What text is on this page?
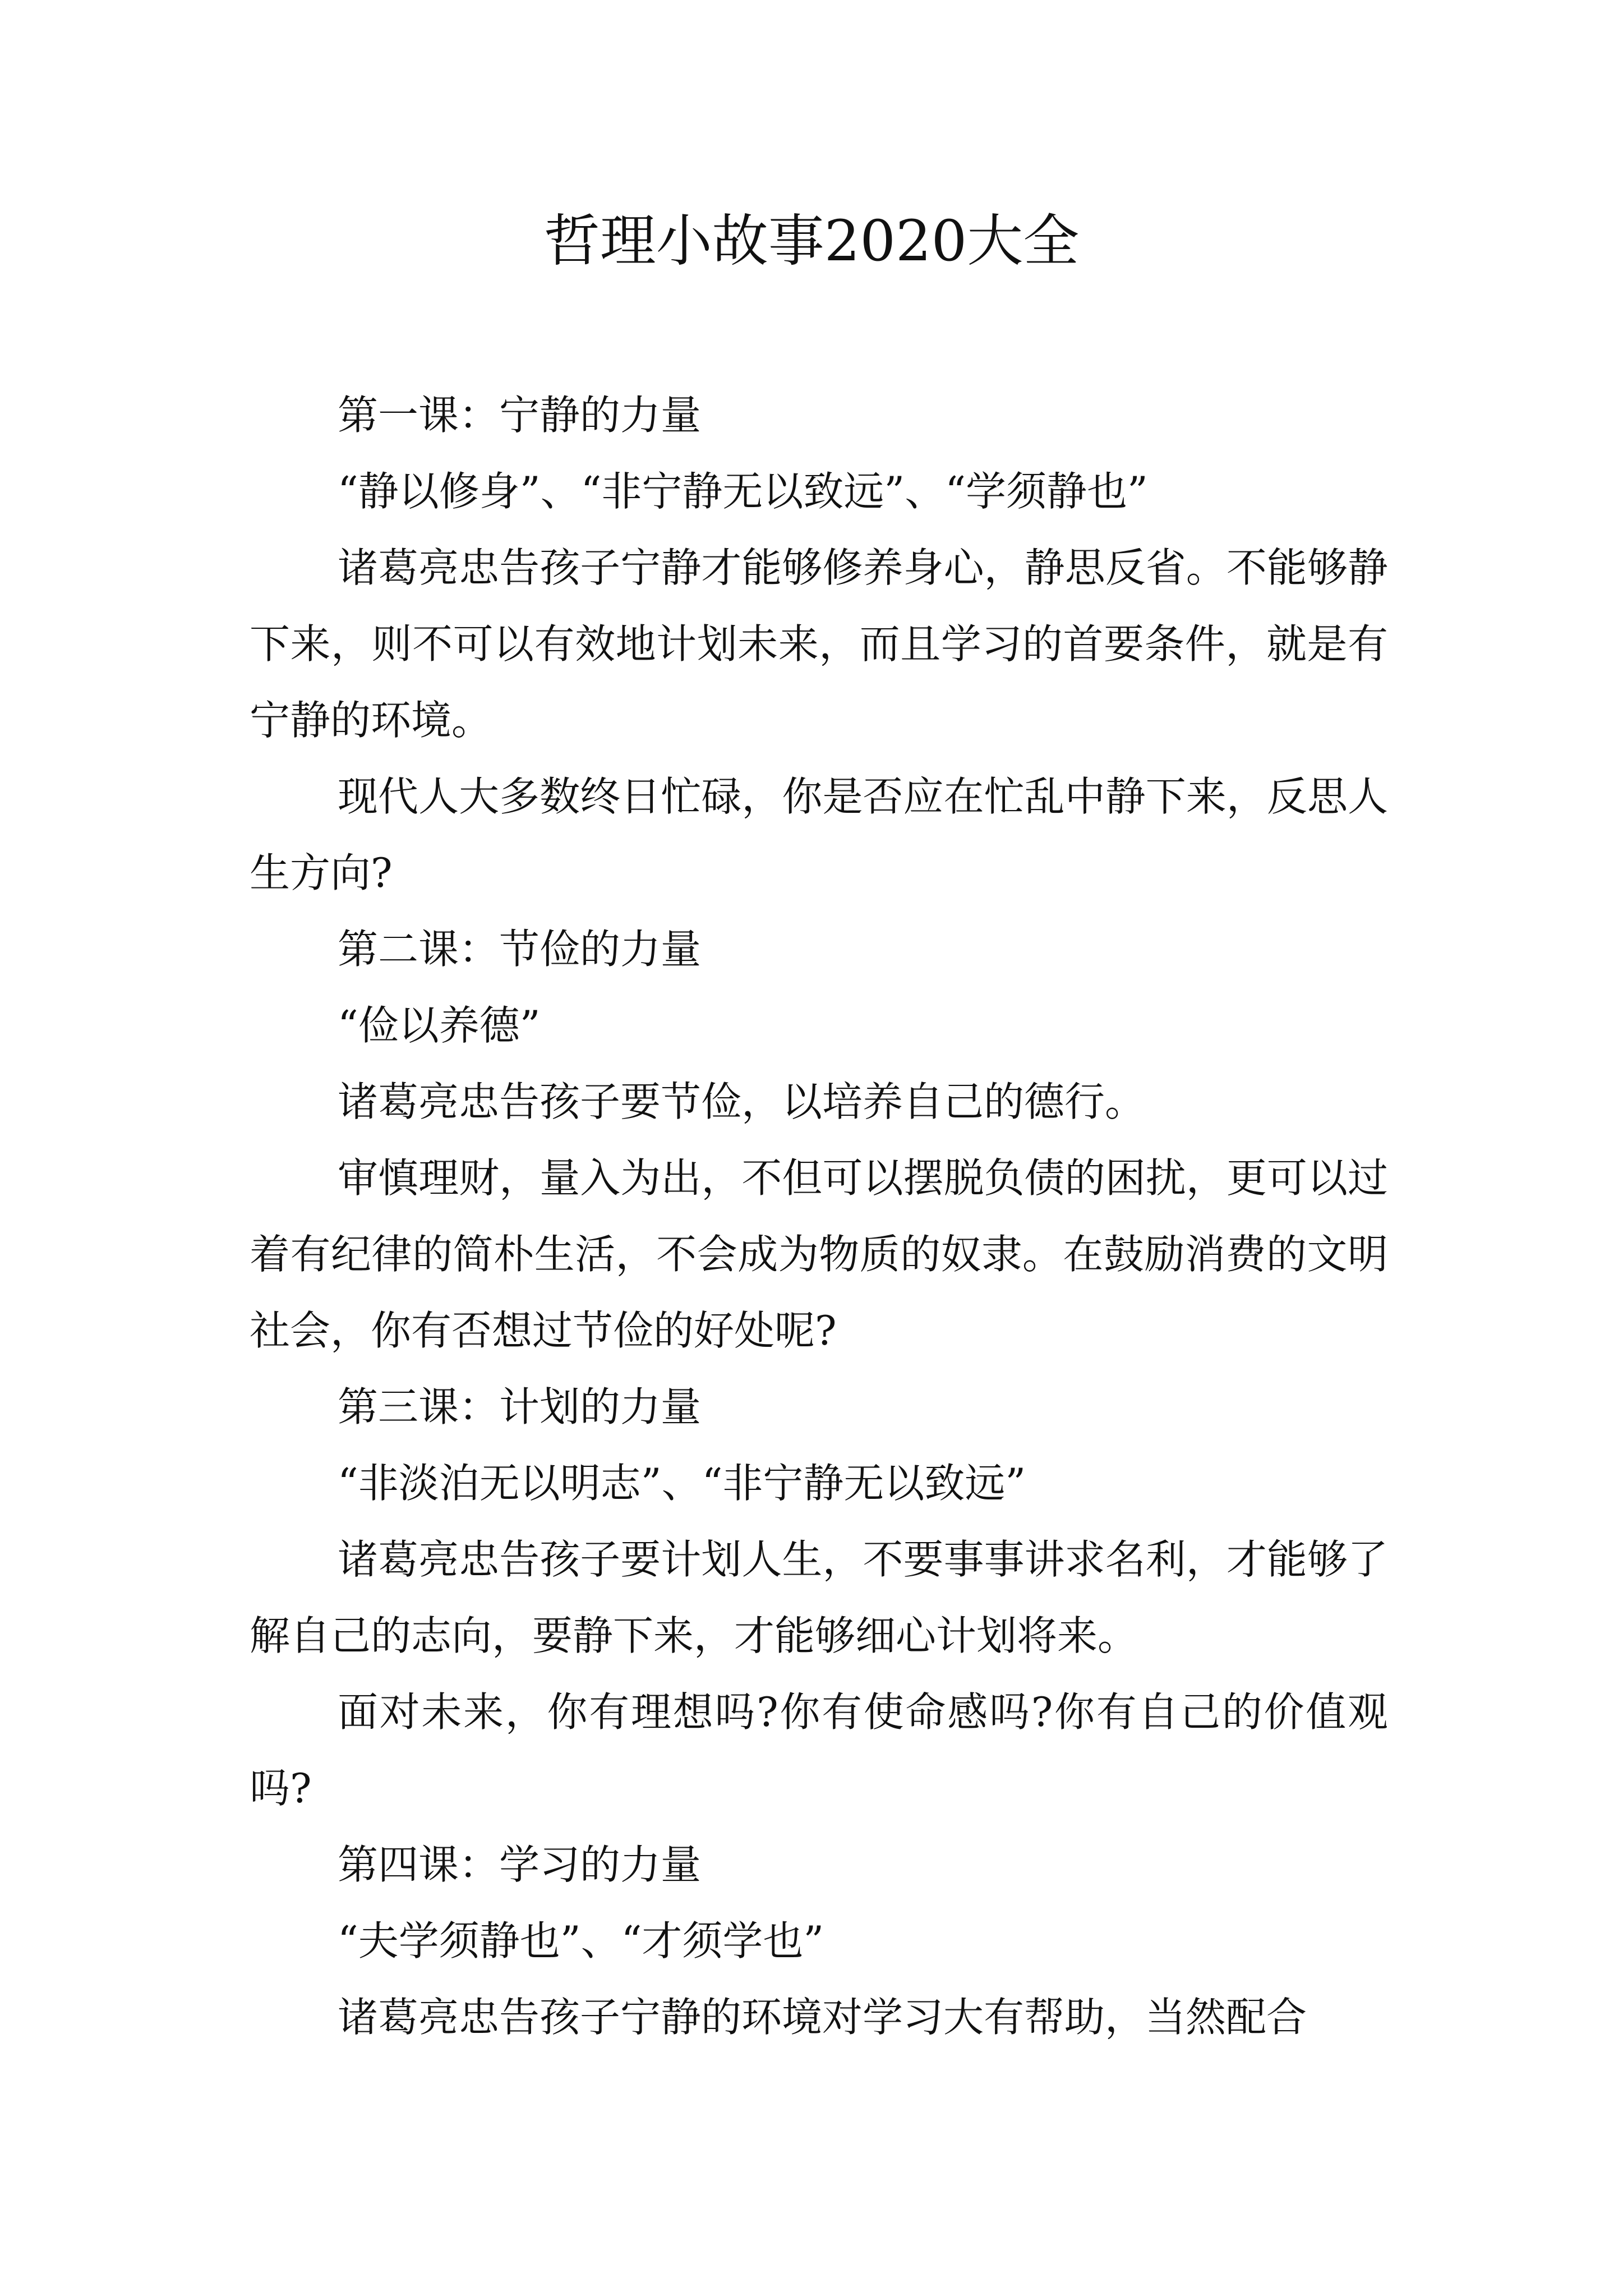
哲理小故事2020大全

第一课：宁静的力量

“静以修身”、“非宁静无以致远”、“学须静也”

诸葛亮忠告孩子宁静才能够修养身心，静思反省。不能够静下来，则不可以有效地计划未来，而且学习的首要条件，就是有宁静的环境。

现代人大多数终日忙碌，你是否应在忙乱中静下来，反思人生方向?

第二课：节俭的力量

“俭以养德”

诸葛亮忠告孩子要节俭，以培养自己的德行。

审慎理财，量入为出，不但可以摆脱负债的困扰，更可以过着有纪律的简朴生活，不会成为物质的奴隶。在鼓励消费的文明社会，你有否想过节俭的好处呢?

第三课：计划的力量

“非淡泊无以明志”、“非宁静无以致远”

诸葛亮忠告孩子要计划人生，不要事事讲求名利，才能够了解自己的志向，要静下来，才能够细心计划将来。

面对未来，你有理想吗?你有使命感吗?你有自己的价值观吗?

第四课：学习的力量

“夫学须静也”、“才须学也”

诸葛亮忠告孩子宁静的环境对学习大有帮助，当然配合
